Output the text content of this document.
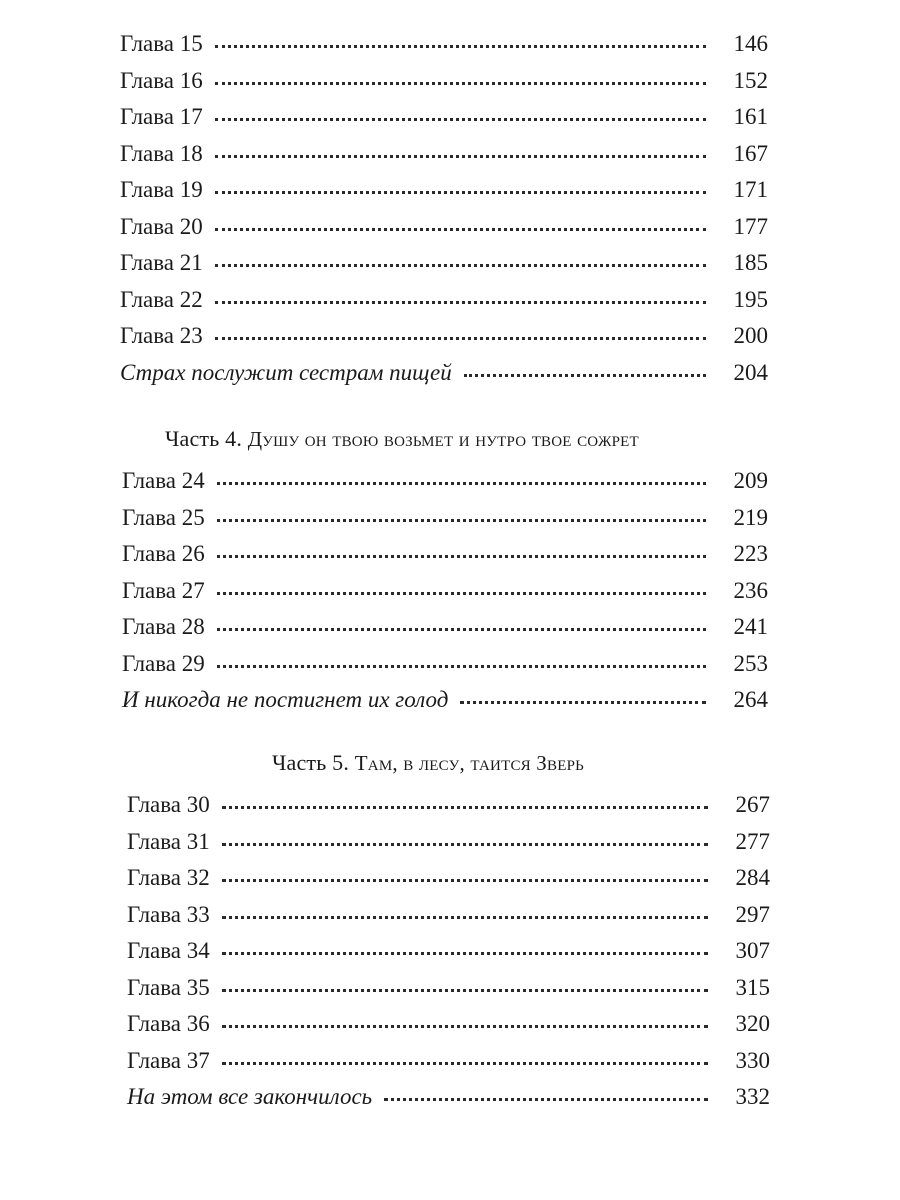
Глава 15	146
Глава 16	152
Глава 17	161
Глава 18	167
Глава 19	171
Глава 20	177
Глава 21	185
Глава 22	195
Глава 23	200
Страх послужит сестрам пищей	204
Часть 4. Душу он твою возьмет и нутро твое сожрет
Глава 24	209
Глава 25	219
Глава 26	223
Глава 27	236
Глава 28	241
Глава 29	253
И никогда не постигнет их голод	264
Часть 5. Там, в лесу, таится Зверь
Глава 30	267
Глава 31	277
Глава 32	284
Глава 33	297
Глава 34	307
Глава 35	315
Глава 36	320
Глава 37	330
На этом все закончилось	332
